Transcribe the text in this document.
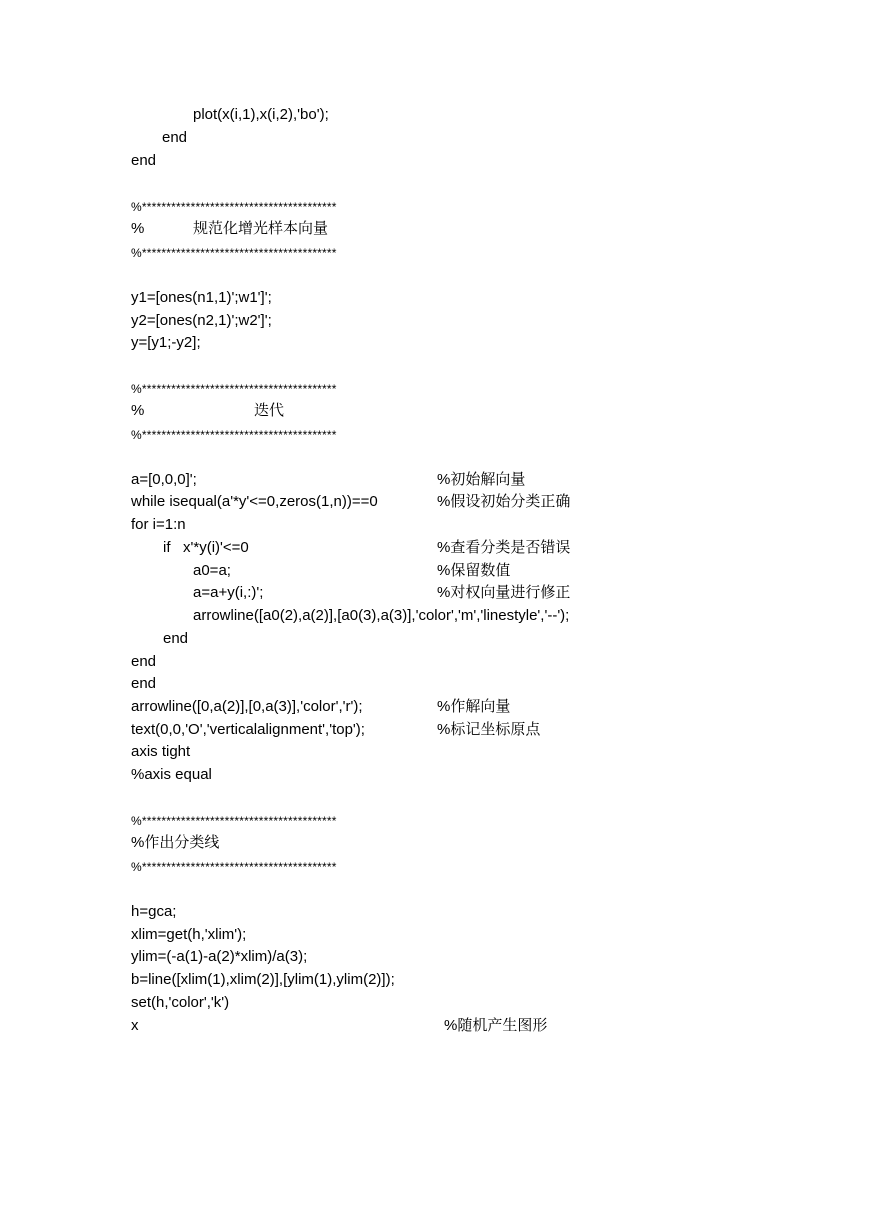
plot(x(i,1),x(i,2),'bo');
end
end
%****************************************
%	规范化增光样本向量
%****************************************
y1=[ones(n1,1)';w1']';
y2=[ones(n2,1)';w2']';
y=[y1;-y2];
%****************************************
%	迭代
%****************************************
a=[0,0,0]';	%初始解向量
while isequal(a'*y'<=0,zeros(1,n))==0	%假设初始分类正确
for i=1:n
if   x'*y(i)'<=0	%查看分类是否错误
a0=a;	%保留数值
a=a+y(i,:)';	%对权向量进行修正
arrowline([a0(2),a(2)],[a0(3),a(3)],'color','m','linestyle','--');
end
end
end
arrowline([0,a(2)],[0,a(3)],'color','r');	%作解向量
text(0,0,'O','verticalalignment','top');	%标记坐标原点
axis tight
%axis equal
%****************************************
%作出分类线
%****************************************
h=gca;
xlim=get(h,'xlim');
ylim=(-a(1)-a(2)*xlim)/a(3);
b=line([xlim(1),xlim(2)],[ylim(1),ylim(2)]);
set(h,'color','k')
x	%随机产生图形
